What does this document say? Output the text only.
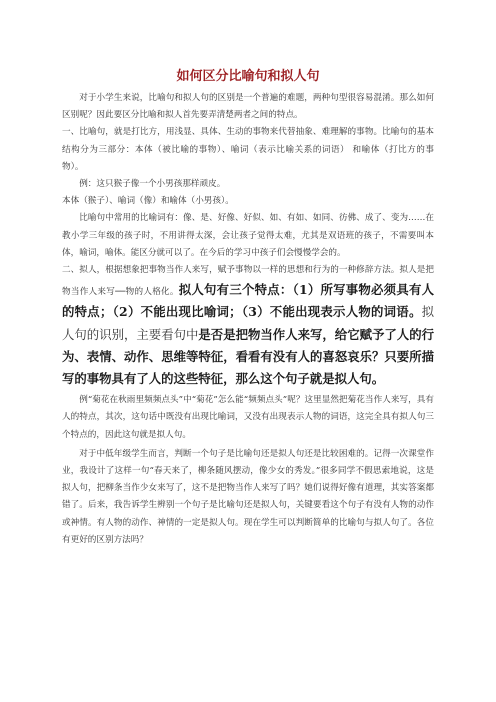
如何区分比喻句和拟人句

对于小学生来说，比喻句和拟人句的区别是一个普遍的难题，两种句型很容易混淆。那么如何区别呢？因此要区分比喻和拟人首先要弄清楚两者之间的特点。

一、比喻句，就是打比方，用浅显、具体、生动的事物来代替抽象、难理解的事物。比喻句的基本结构分为三部分：本体（被比喻的事物）、喻词（表示比喻关系的词语） 和喻体（打比方的事物）。

例：这只猴子像一个小男孩那样顽皮。

本体（猴子）、喻词（像）和喻体（小男孩）。

比喻句中常用的比喻词有：像、是、好像、好似、如、有如、如同、彷佛、成了、变为……在教小学三年级的孩子时，不用讲得太深，会让孩子觉得太难，尤其是双语班的孩子，不需要叫本体，喻词，喻体。能区分就可以了。在今后的学习中孩子们会慢慢学会的。

二、拟人，根据想象把事物当作人来写，赋予事物以一样的思想和行为的一种修辞方法。拟人是把物当作人来写──物的人格化。拟人句有三个特点：（1）所写事物必须具有人的特点；（2）不能出现比喻词；（3）不能出现表示人物的词语。拟人句的识别，主要看句中是否是把物当作人来写，给它赋予了人的行为、表情、动作、思维等特征，看看有没有人的喜怒哀乐？只要所描写的事物具有了人的这些特征，那么这个句子就是拟人句。

例“菊花在秋雨里频频点头”中“菊花”怎么能“频频点头”呢？这里显然把菊花当作人来写，具有人的特点，其次，这句话中既没有出现比喻词，又没有出现表示人物的词语，这完全具有拟人句三个特点的，因此这句就是拟人句。

对于中低年级学生而言，判断一个句子是比喻句还是拟人句还是比较困难的。记得一次课堂作业，我设计了这样一句“春天来了，柳条随风摆动，像少女的秀发。”很多同学不假思索地说，这是拟人句，把柳条当作少女来写了，这不是把物当作人来写了吗？她们说得好像有道理，其实答案都错了。后来，我告诉学生辨别一个句子是比喻句还是拟人句，关键要看这个句子有没有人物的动作或神情。有人物的动作、神情的一定是拟人句。现在学生可以判断简单的比喻句与拟人句了。各位有更好的区别方法吗？
